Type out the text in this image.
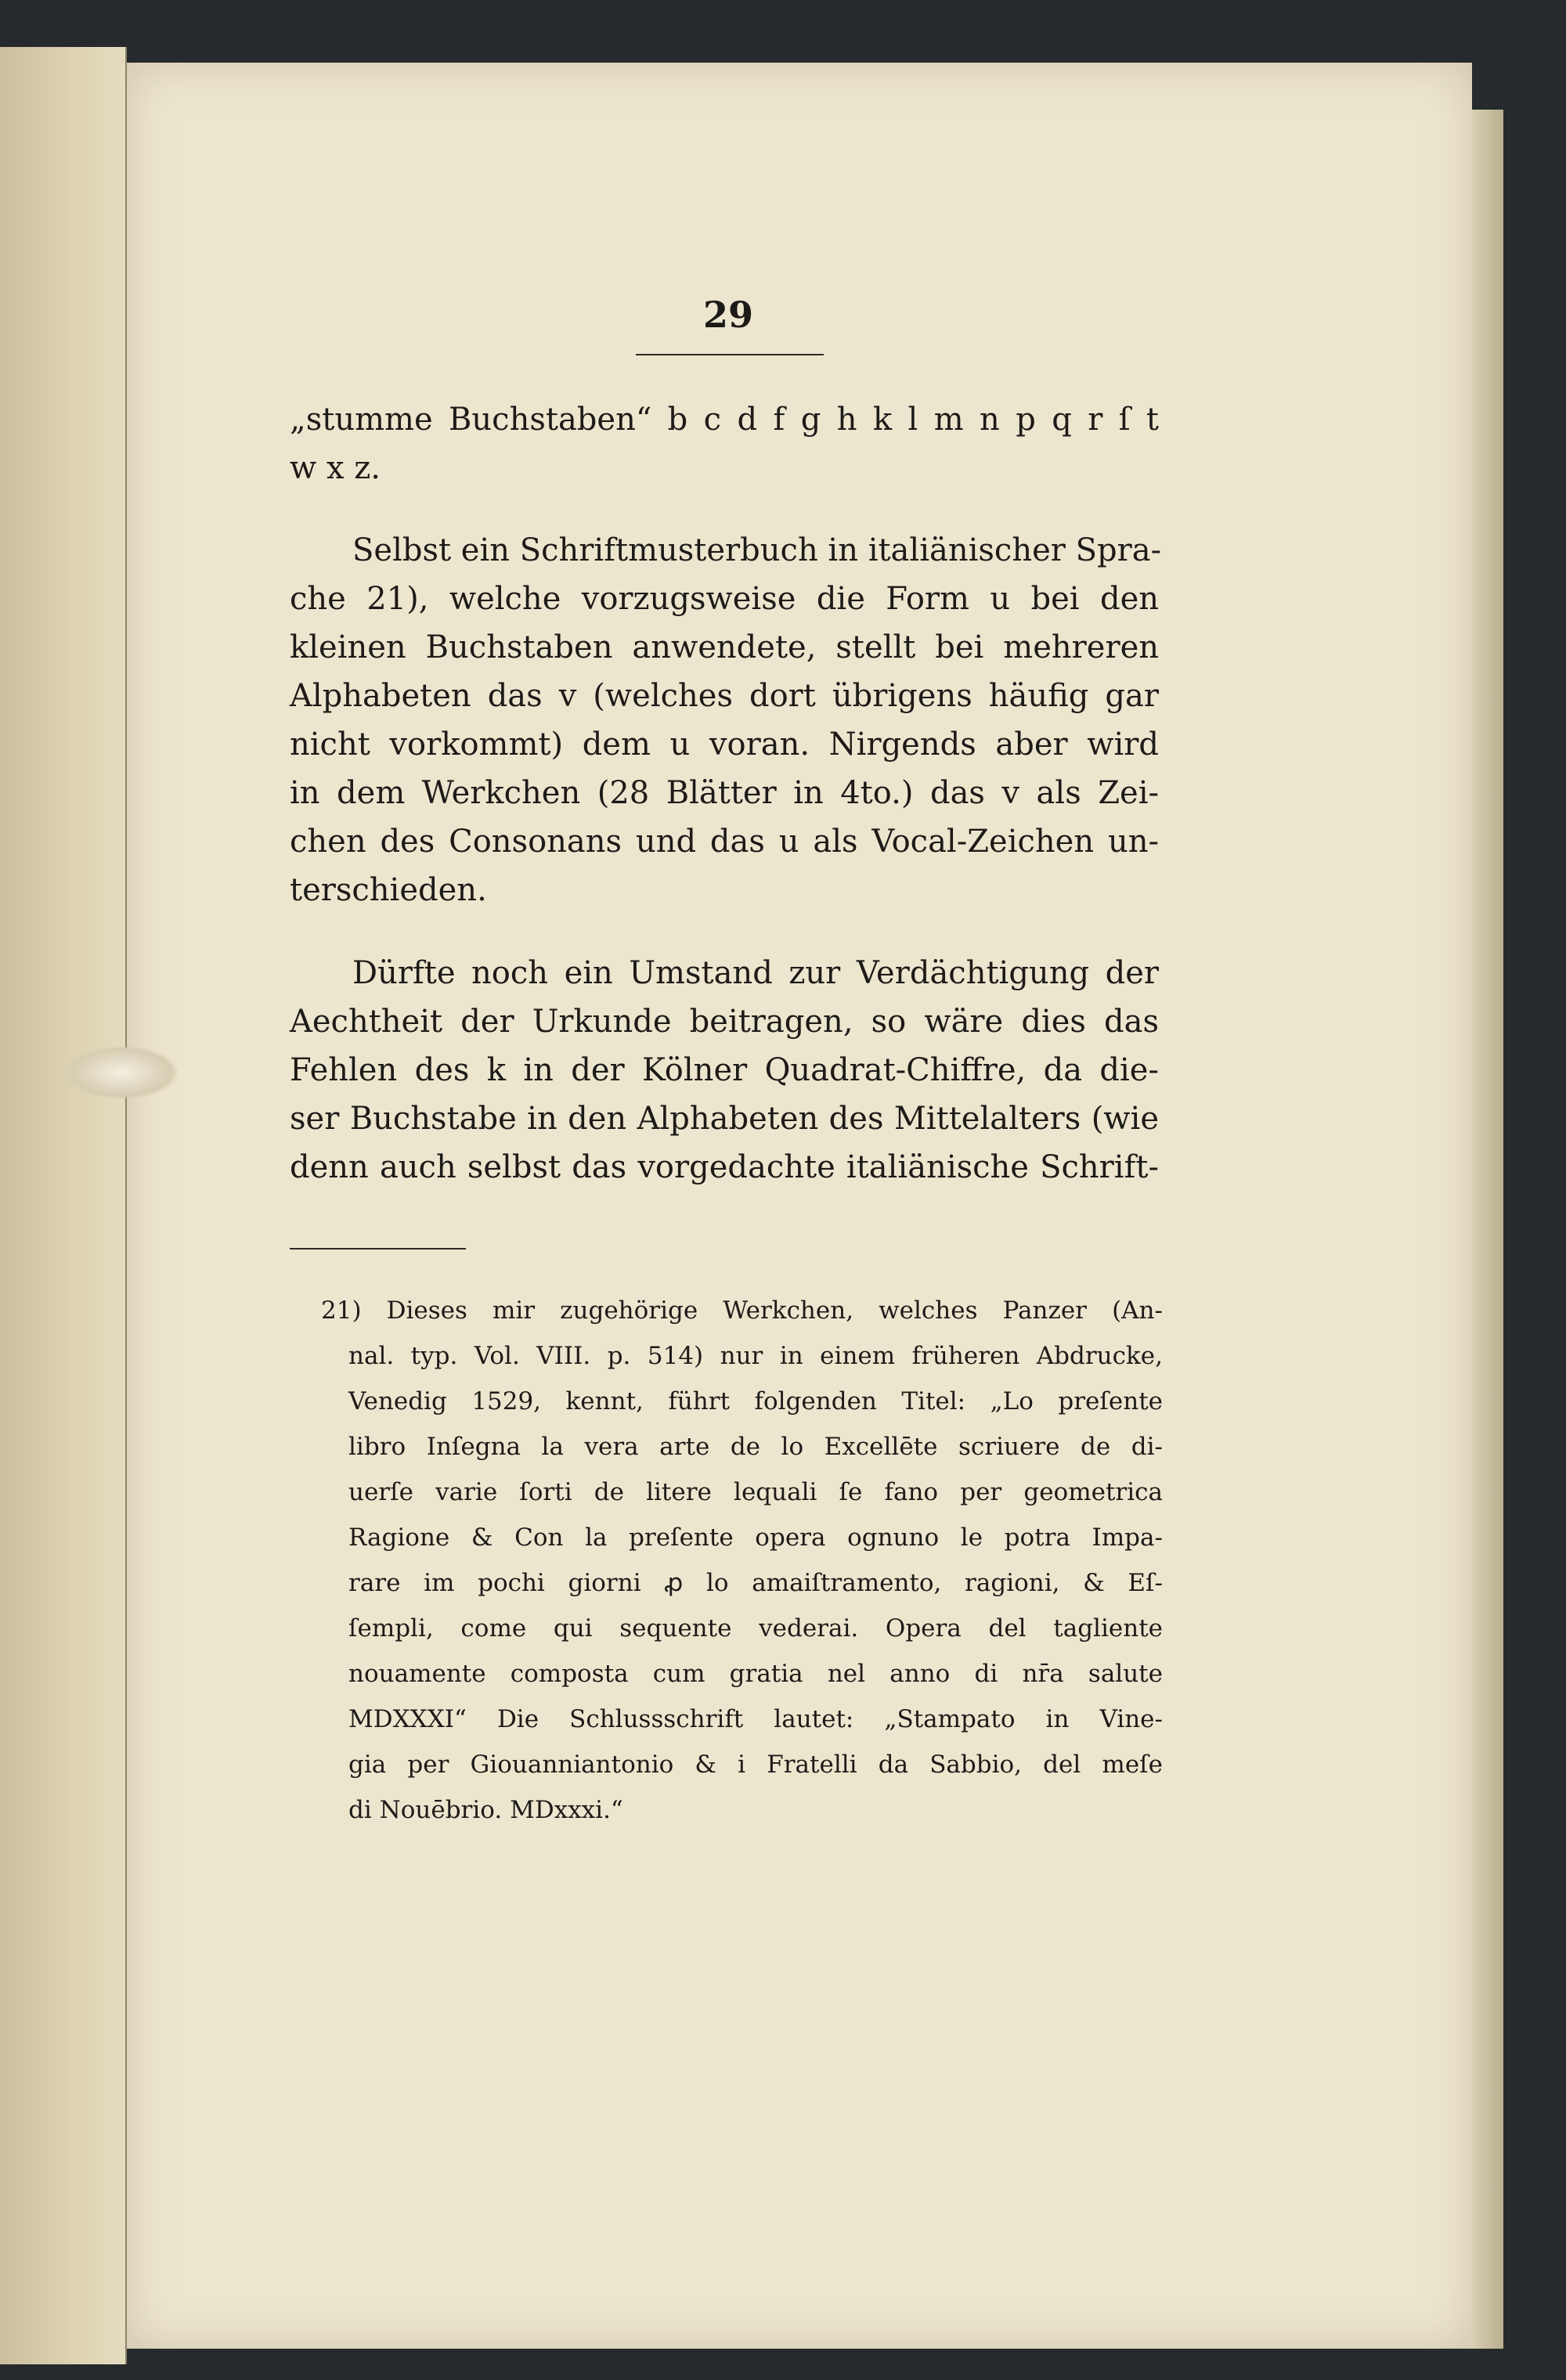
29
„stumme Buchstaben“ b c d f g h k l m n p q r ſ t
w x z.
Selbst ein Schriftmusterbuch in italiänischer Spra-
che 21), welche vorzugsweise die Form u bei den
kleinen Buchstaben anwendete, stellt bei mehreren
Alphabeten das v (welches dort übrigens häufig gar
nicht vorkommt) dem u voran. Nirgends aber wird
in dem Werkchen (28 Blätter in 4to.) das v als Zei-
chen des Consonans und das u als Vocal-Zeichen un-
terschieden.
Dürfte noch ein Umstand zur Verdächtigung der
Aechtheit der Urkunde beitragen, so wäre dies das
Fehlen des k in der Kölner Quadrat-Chiffre, da die-
ser Buchstabe in den Alphabeten des Mittelalters (wie
denn auch selbst das vorgedachte italiänische Schrift-
21) Dieses mir zugehörige Werkchen, welches Panzer (An-
nal. typ. Vol. VIII. p. 514) nur in einem früheren Abdrucke,
Venedig 1529, kennt, führt folgenden Titel: „Lo preſente
libro Inſegna la vera arte de lo Excellēte scriuere de di-
uerſe varie ſorti de litere lequali ſe fano per geometrica
Ragione & Con la preſente opera ognuno le potra Impa-
rare im pochi giorni ꝓ lo amaiſtramento, ragioni, & Eſ-
ſempli, come qui sequente vederai. Opera del tagliente
nouamente composta cum gratia nel anno di nr̄a salute
MDXXXI“ Die Schlussschrift lautet: „Stampato in Vine-
gia per Giouanniantonio & i Fratelli da Sabbio, del meſe
di Nouēbrio. MDxxxi.“
